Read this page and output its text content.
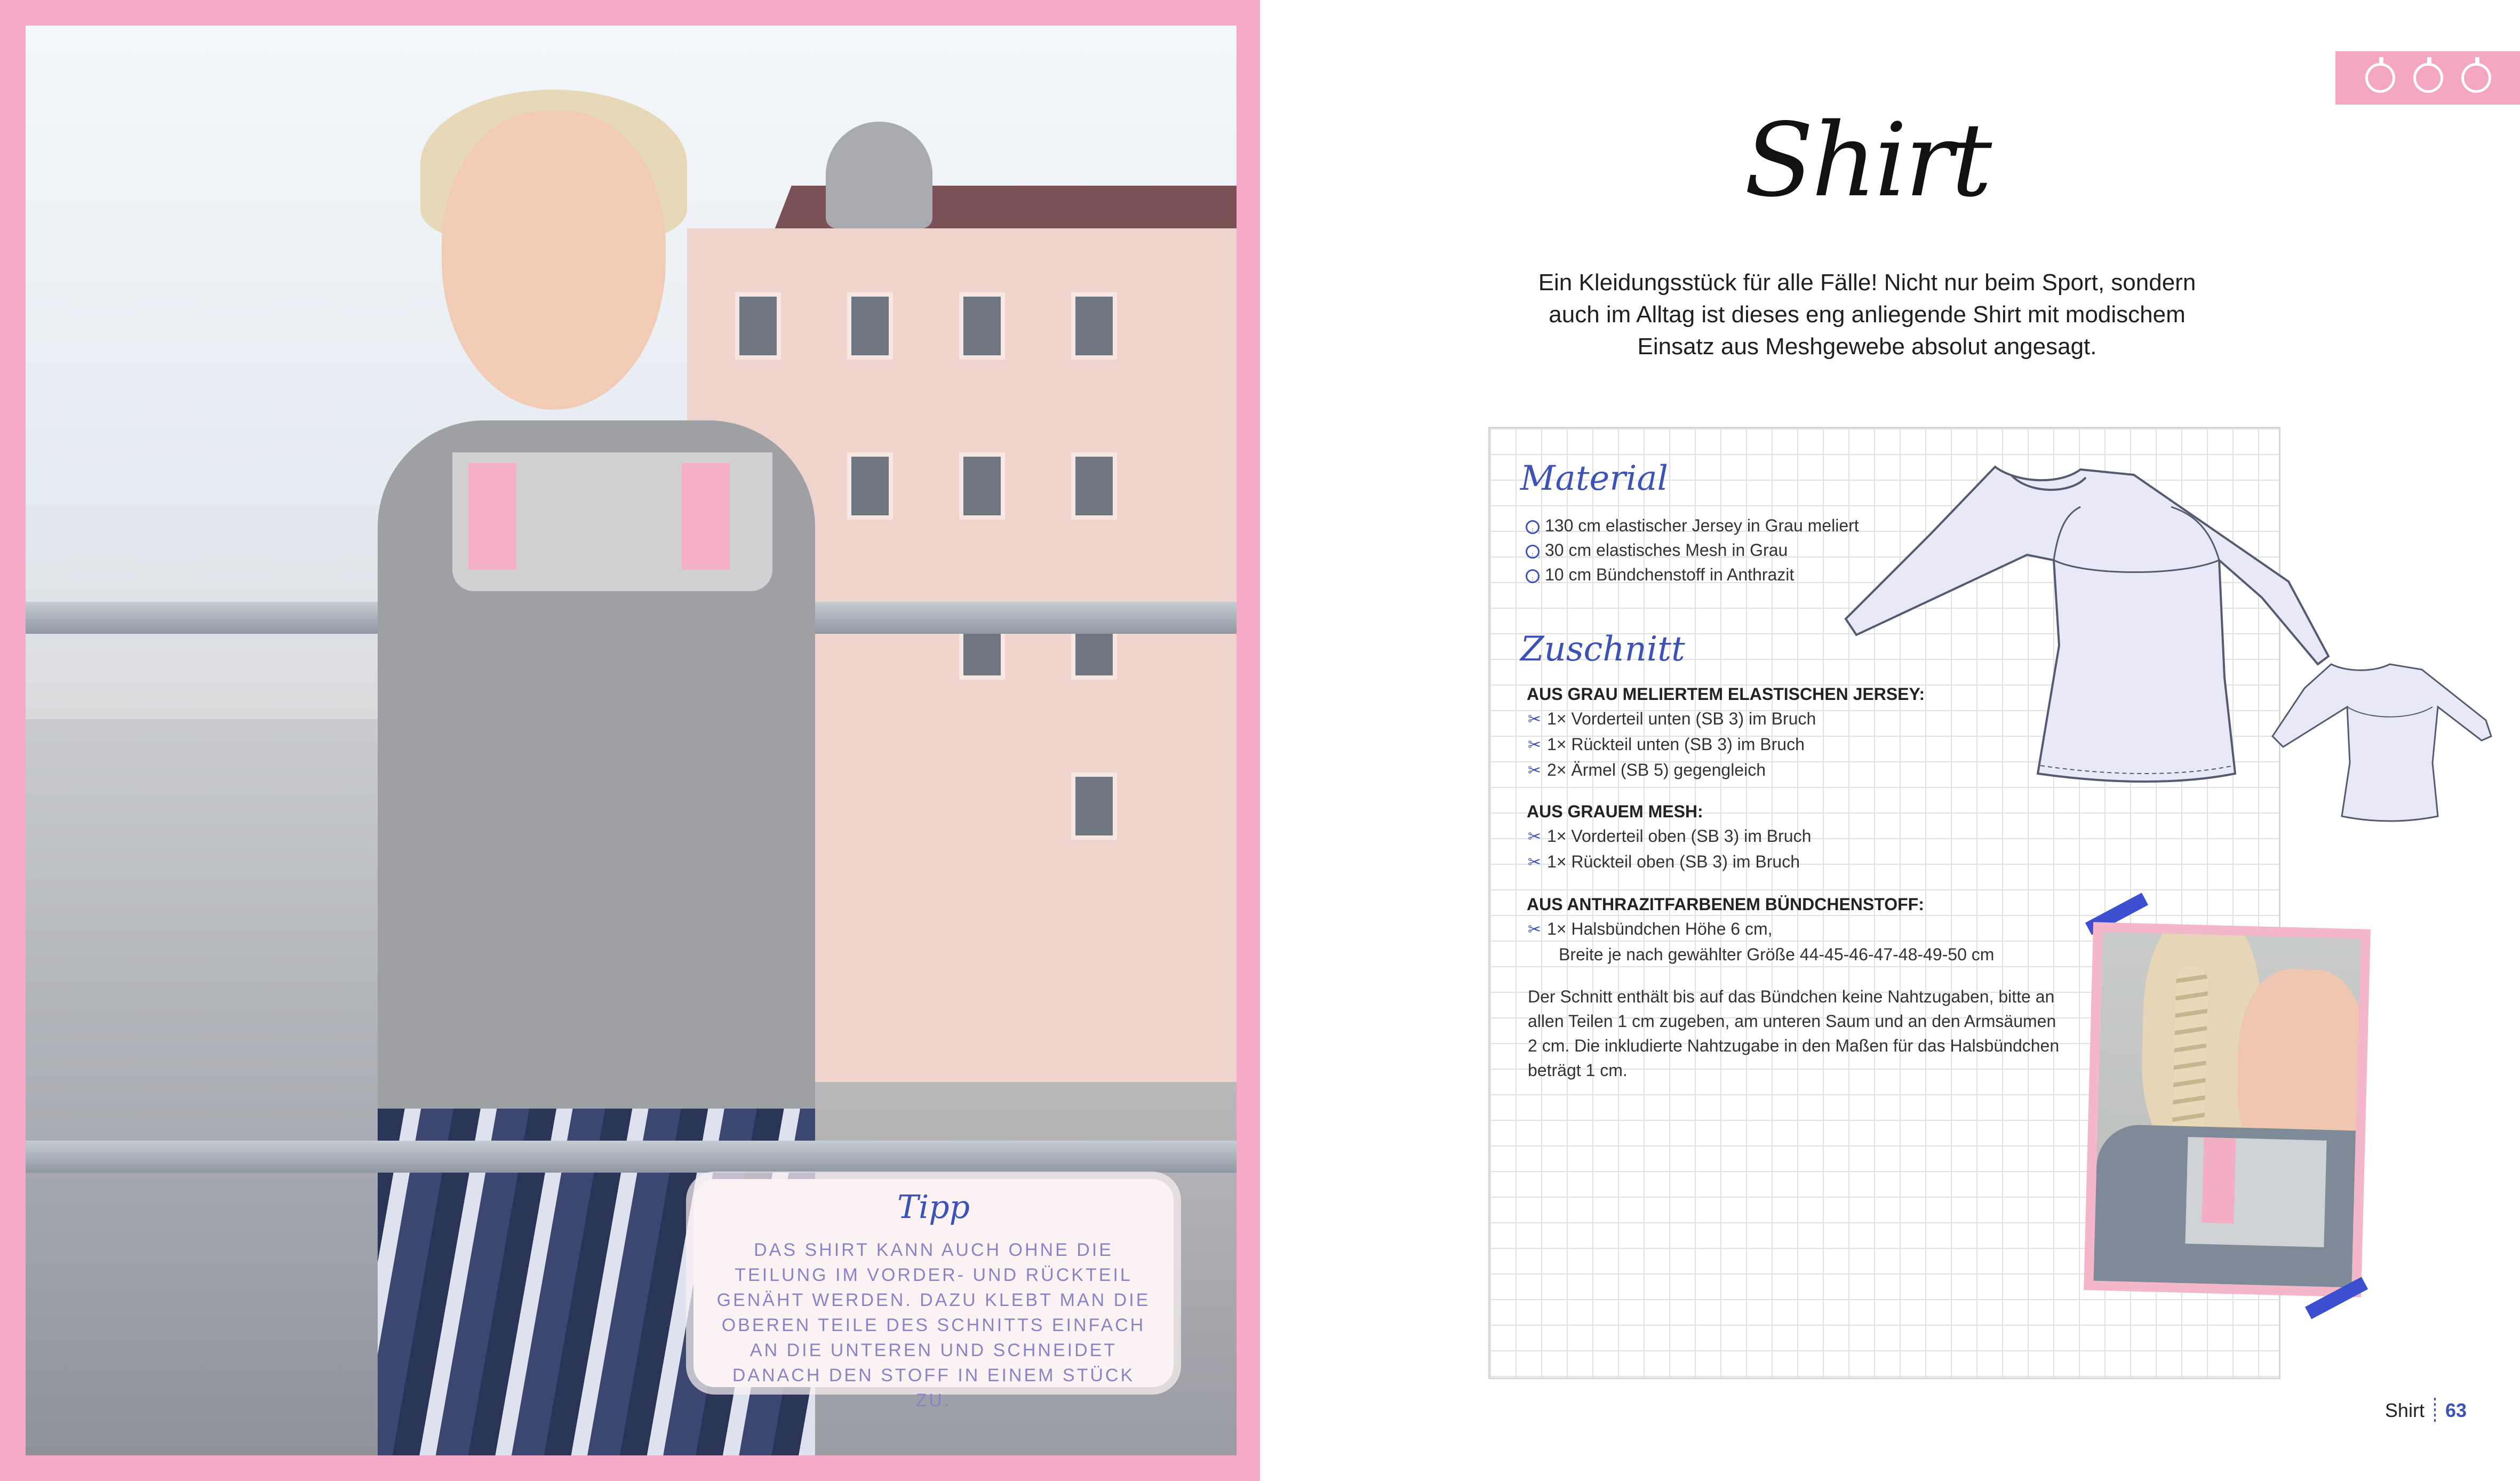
Tipp
DAS SHIRT KANN AUCH OHNE DIE TEILUNG IM VORDER- UND RÜCKTEIL GENÄHT WERDEN. DAZU KLEBT MAN DIE OBEREN TEILE DES SCHNITTS EINFACH AN DIE UNTEREN UND SCHNEIDET DANACH DEN STOFF IN EINEM STÜCK ZU.
Shirt
Ein Kleidungsstück für alle Fälle! Nicht nur beim Sport, sondern auch im Alltag ist dieses eng anliegende Shirt mit modischem Einsatz aus Meshgewebe absolut angesagt.
Material
⋮⋮130 cm elastischer Jersey in Grau meliert
⋮⋮30 cm elastisches Mesh in Grau
⋮⋮10 cm Bündchenstoff in Anthrazit
Zuschnitt
AUS GRAU MELIERTEM ELASTISCHEN JERSEY:
✂ 1× Vorderteil unten (SB 3) im Bruch
✂ 1× Rückteil unten (SB 3) im Bruch
✂ 2× Ärmel (SB 5) gegengleich
AUS GRAUEM MESH:
✂ 1× Vorderteil oben (SB 3) im Bruch
✂ 1× Rückteil oben (SB 3) im Bruch
AUS ANTHRAZITFARBENEM BÜNDCHENSTOFF:
✂ 1× Halsbündchen Höhe 6 cm,
Breite je nach gewählter Größe 44-45-46-47-48-49-50 cm
Der Schnitt enthält bis auf das Bündchen keine Nahtzugaben, bitte an allen Teilen 1 cm zugeben, am unteren Saum und an den Armsäumen 2 cm. Die inkludierte Nahtzugabe in den Maßen für das Halsbündchen beträgt 1 cm.
Shirt 63
